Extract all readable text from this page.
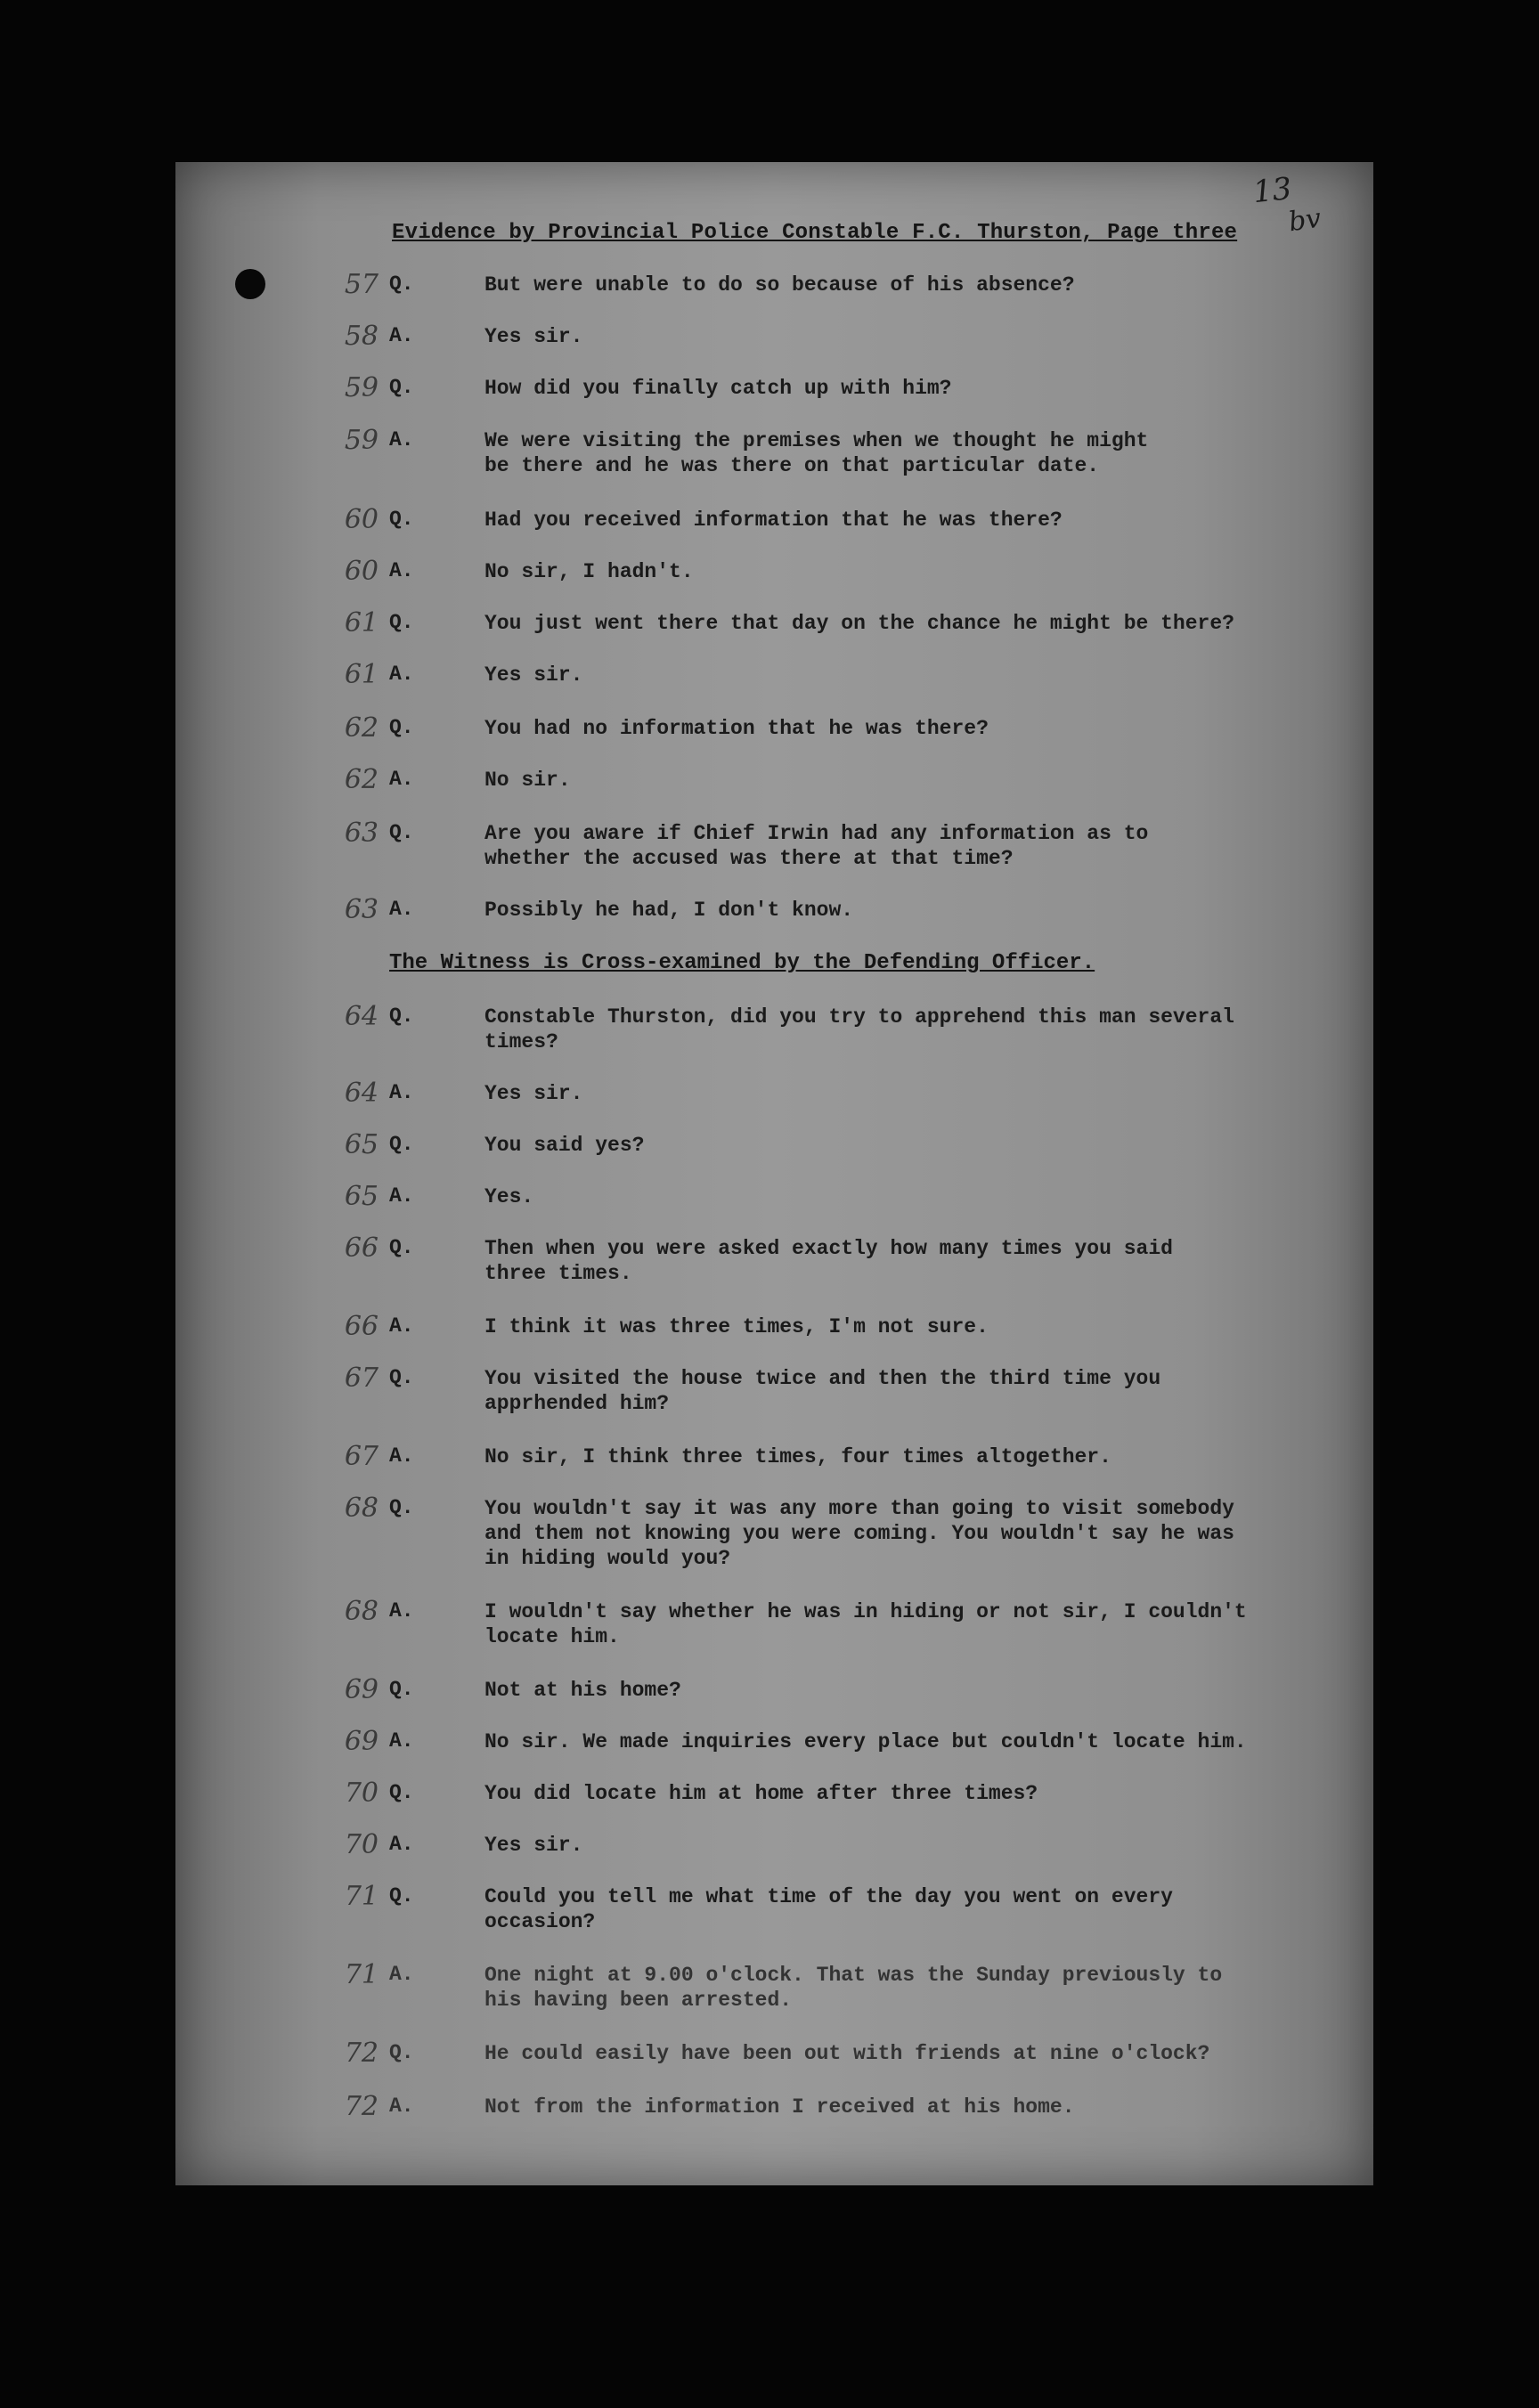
13
bv
Evidence by Provincial Police Constable F.C. Thurston, Page three
The Witness is Cross-examined by the Defending Officer.
57 Q.	But were unable to do so because of his absence?
58 A.	Yes sir.
59 Q.	How did you finally catch up with him?
59 A.	We were visiting the premises when we thought he might
be there and he was there on that particular date.
60 Q.	Had you received information that he was there?
60 A.	No sir, I hadn't.
61 Q.	You just went there that day on the chance he might be there?
61 A.	Yes sir.
62 Q.	You had no information that he was there?
62 A.	No sir.
63 Q.	Are you aware if Chief Irwin had any information as to
whether the accused was there at that time?
63 A.	Possibly he had, I don't know.
64 Q.	Constable Thurston, did you try to apprehend this man several
times?
64 A.	Yes sir.
65 Q.	You said yes?
65 A.	Yes.
66 Q.	Then when you were asked exactly how many times you said
three times.
66 A.	I think it was three times, I'm not sure.
67 Q.	You visited the house twice and then the third time you
apprhended him?
67 A.	No sir, I think three times, four times altogether.
68 Q.	You wouldn't say it was any more than going to visit somebody
and them not knowing you were coming. You wouldn't say he was
in hiding would you?
68 A.	I wouldn't say whether he was in hiding or not sir, I couldn't
locate him.
69 Q.	Not at his home?
69 A.	No sir. We made inquiries every place but couldn't locate him.
70 Q.	You did locate him at home after three times?
70 A.	Yes sir.
71 Q.	Could you tell me what time of the day you went on every
occasion?
71 A.	One night at 9.00 o'clock. That was the Sunday previously to
his having been arrested.
72 Q.	He could easily have been out with friends at nine o'clock?
72 A.	Not from the information I received at his home.
